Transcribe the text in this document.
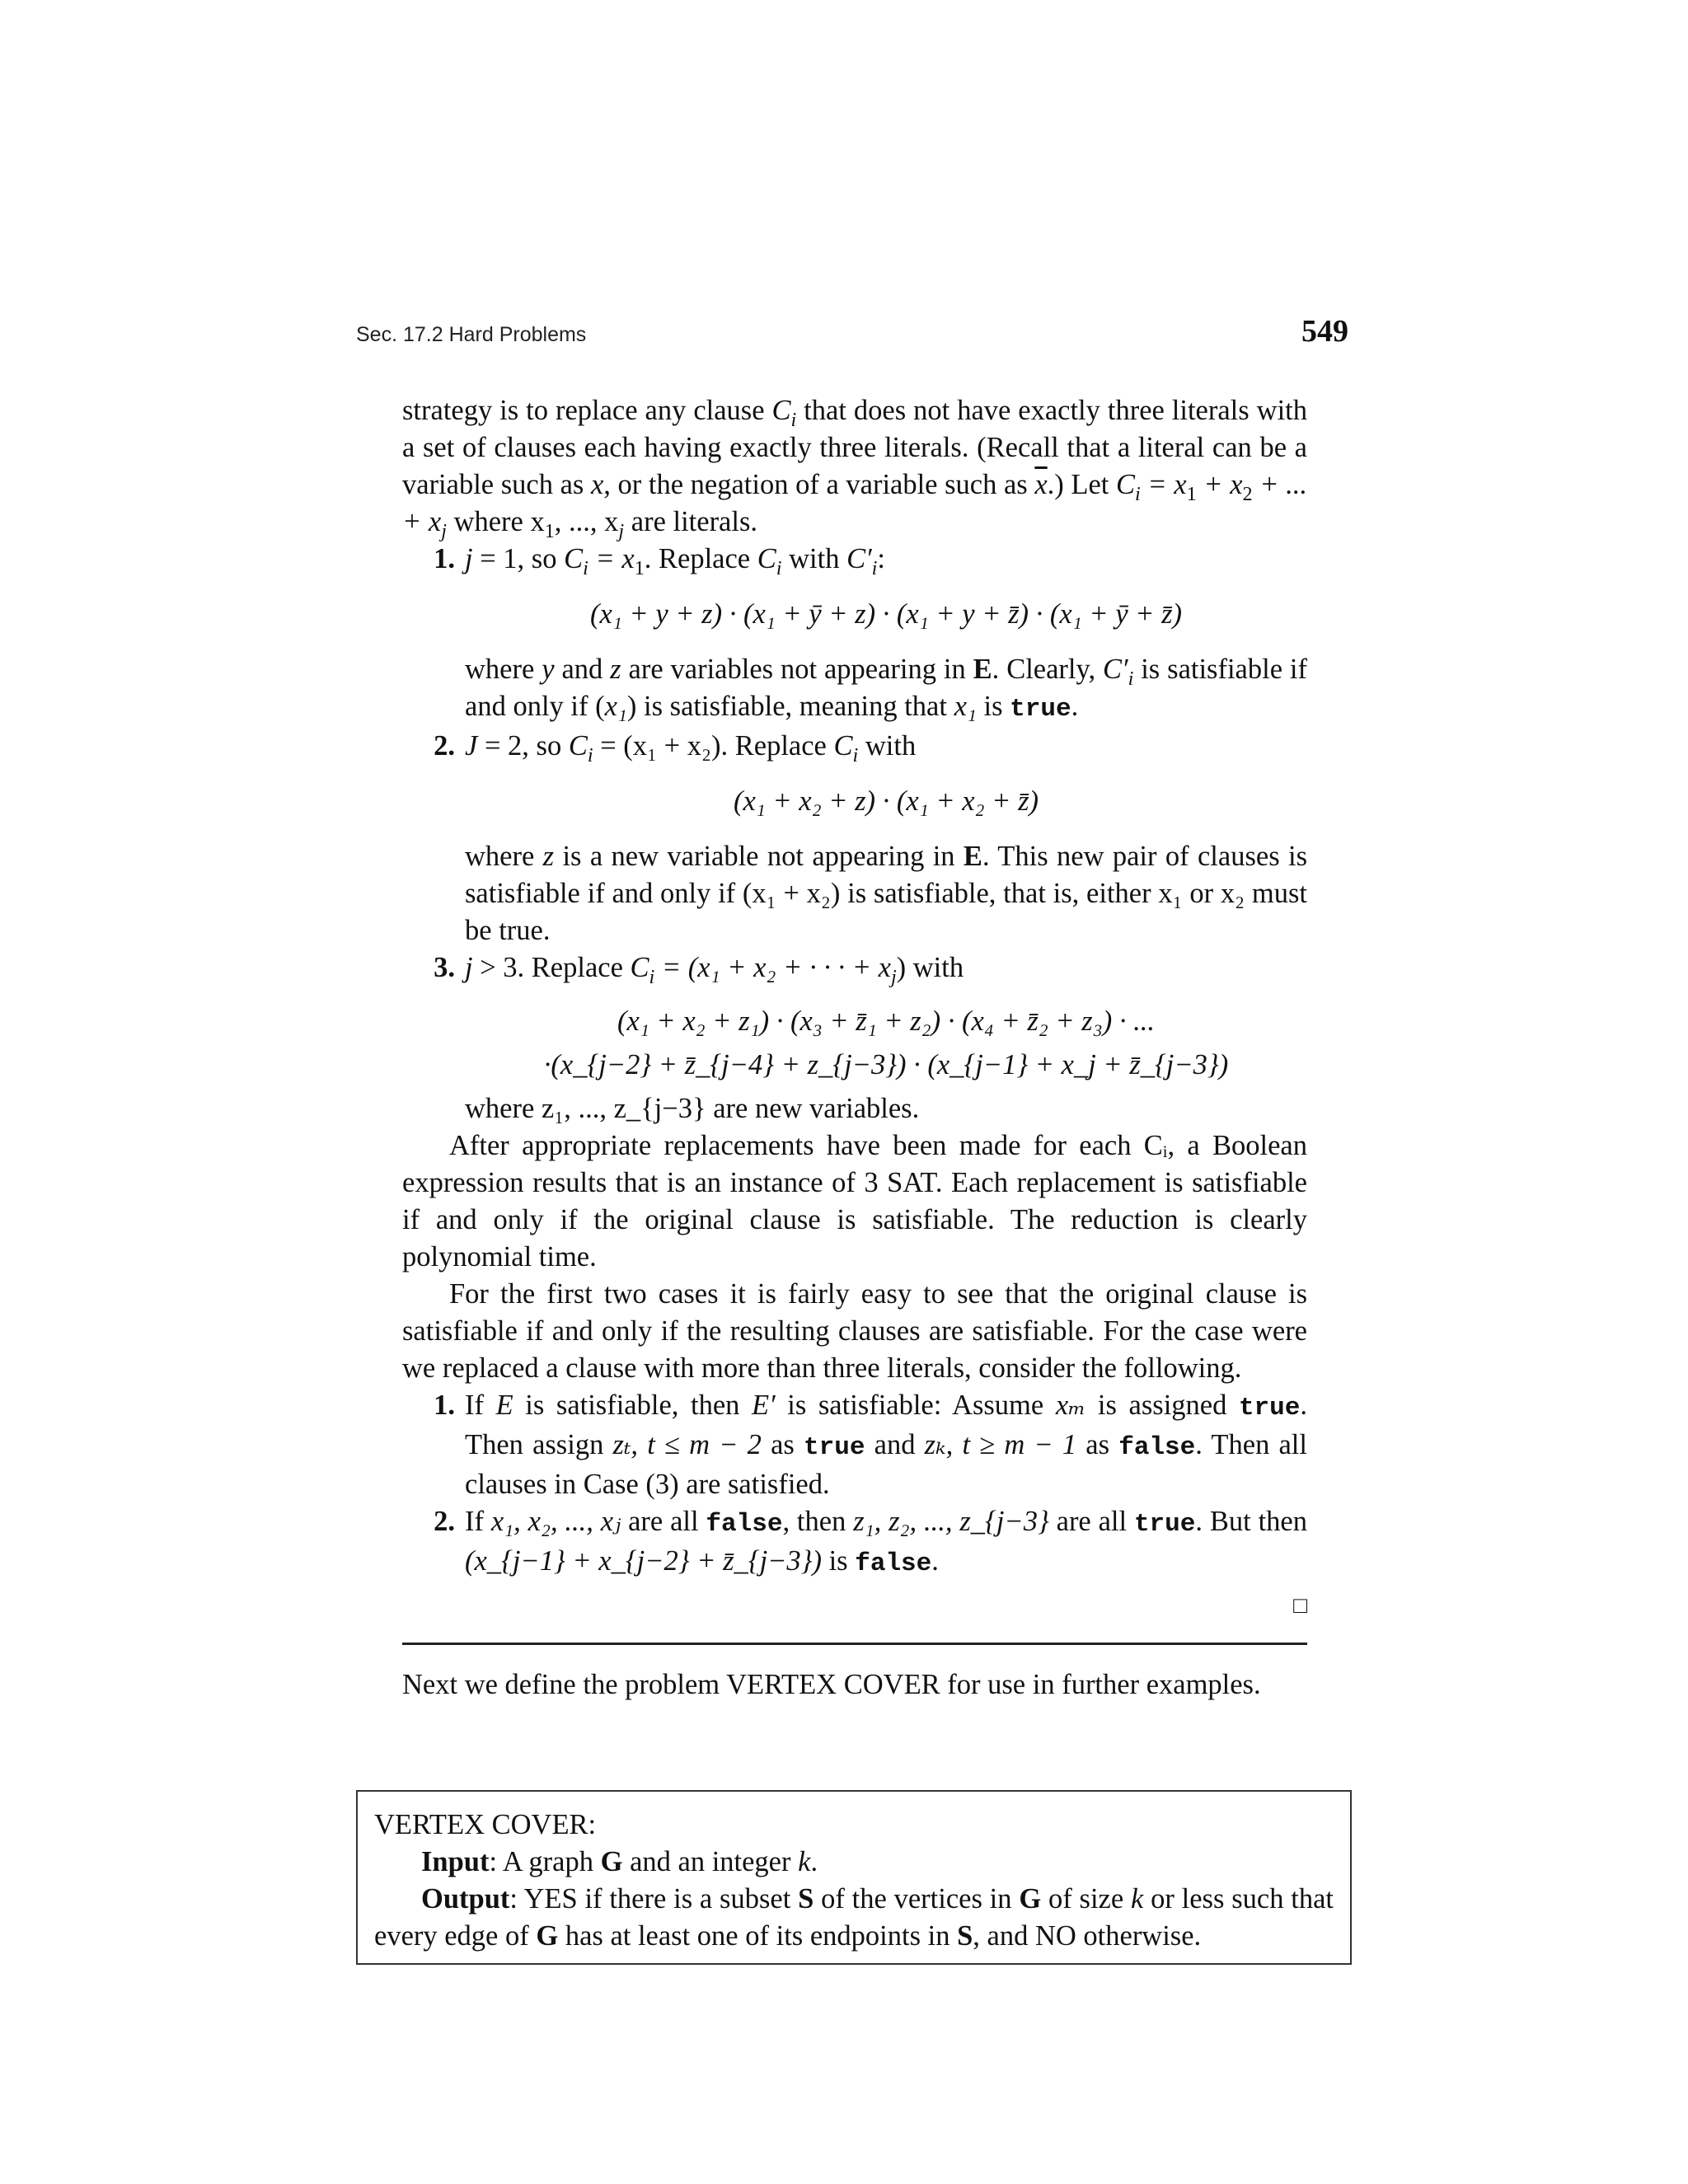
Sec. 17.2 Hard Problems	549

strategy is to replace any clause $C_i$ that does not have exactly three literals with a set of clauses each having exactly three literals. (Recall that a literal can be a variable such as x, or the negation of a variable such as $\overline{x}$.) Let $C_i = x_1 + x_2$ + ... + $x_j$ where $x_1$, ..., $x_j$ are literals.

1. j = 1, so $C_i = x_1$. Replace $C_i$ with $C'_i$:
(x₁ + y + z) · (x₁ + ȳ + z) · (x₁ + y + z̄) · (x₁ + ȳ + z̄)
where y and z are variables not appearing in E. Clearly, $C'_i$ is satisfiable if and only if (x₁) is satisfiable, meaning that x₁ is true.
2. J = 2, so $C_i = (x_1 + x_2)$. Replace $C_i$ with
(x₁ + x₂ + z) · (x₁ + x₂ + z̄)
where z is a new variable not appearing in E. This new pair of clauses is satisfiable if and only if (x₁ + x₂) is satisfiable, that is, either x₁ or x₂ must be true.
3. j > 3. Replace $C_i = (x_1 + x_2$ + · · · + $x_j$) with
(x₁ + x₂ + z₁) · (x₃ + z̄₁ + z₂) · (x₄ + z̄₂ + z₃) · ...
·(x_{j−2} + z̄_{j−4} + z_{j−3}) · (x_{j−1} + x_j + z̄_{j−3})
where z₁, ..., z_{j−3} are new variables.

After appropriate replacements have been made for each Cᵢ, a Boolean expression results that is an instance of 3 SAT. Each replacement is satisfiable if and only if the original clause is satisfiable. The reduction is clearly polynomial time.

For the first two cases it is fairly easy to see that the original clause is satisfiable if and only if the resulting clauses are satisfiable. For the case were we replaced a clause with more than three literals, consider the following.

1. If E is satisfiable, then E′ is satisfiable: Assume xₘ is assigned true. Then assign zₜ, t ≤ m − 2 as true and zₖ, t ≥ m − 1 as false. Then all clauses in Case (3) are satisfied.
2. If x₁, x₂, ..., xⱼ are all false, then z₁, z₂, ..., z_{j−3} are all true. But then (x_{j−1} + x_{j−2} + z̄_{j−3}) is false.
□

Next we define the problem VERTEX COVER for use in further examples.

VERTEX COVER:

Input: A graph G and an integer k.

Output: YES if there is a subset S of the vertices in G of size k or less such that every edge of G has at least one of its endpoints in S, and NO otherwise.
